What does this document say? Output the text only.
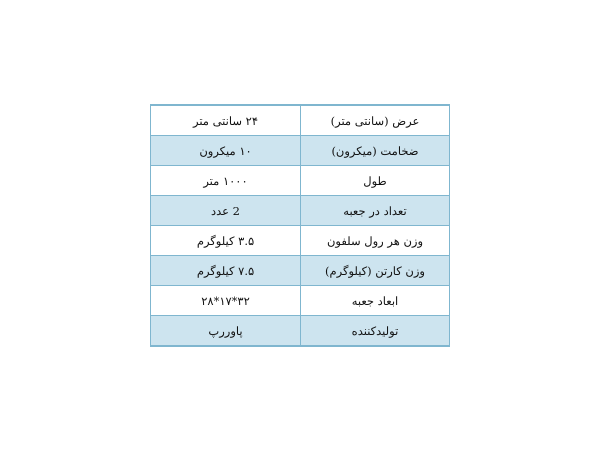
عرض (سانتی متر)	۲۴ سانتی متر
ضخامت (میکرون)	۱۰ میکرون
طول	۱۰۰۰ متر
تعداد در جعبه	2 عدد
وزن هر رول سلفون	۳.۵ کیلوگرم
وزن کارتن (کیلوگرم)	۷.۵ کیلوگرم
ابعاد جعبه	۳۲*۱۷*۲۸
تولیدکننده	پاوررپ
